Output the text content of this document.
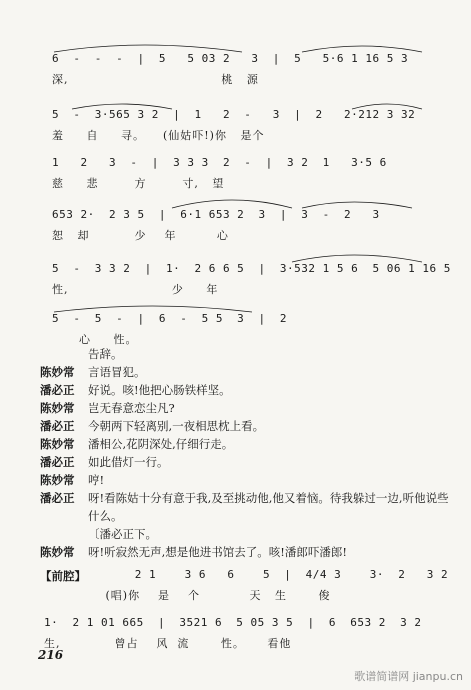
6  -  -  -  |  5   5 03 2   3  |  5   5·6 1 16 5 3
深,                                  桃   源
5  -  3·565 3 2  |  1   2  -   3  |  2   2·212 3 32
羞     自     寻。    (仙姑吓!)你   是个
1   2   3  -  |  3 3 3  2  -  |  3 2  1   3·5 6
慈     悲        方        寸,   望
653 2·  2 3 5  |  6·1 653 2  3  |  3  -  2   3
恕   却          少    年         心
5  -  3 3 2  |  1·  2 6 6 5  |  3·532 1 5 6  5 06 1 16 5
性,                       少     年
5  -  5  -  |  6  -  5 5  3  |  2
心     性。
告辞。
陈妙常	言语冒犯。
潘必正	好说。咳!他把心肠铁样坚。
陈妙常	岂无春意恋尘凡?
潘必正	今朝两下轻离别,一夜相思枕上看。
陈妙常	潘相公,花阴深处,仔细行走。
潘必正	如此借灯一行。
陈妙常	哼!
潘必正	呀!看陈姑十分有意于我,及至挑动他,他又着恼。待我躲过一边,听他说些什么。
〔潘必正下。
陈妙常	呀!听寂然无声,想是他进书馆去了。咳!潘郎吓潘郎!
【前腔】 2 1    3 6   6    5  |  4/4 3    3·  2   3 2
(唱)你    是    个           天   生       俊
1·  2 1 01 665  |  3521 6  5 05 3 5  |  6  653 2  3 2
生,            曾占    风  流       性。     看他
216
歌谱简谱网 jianpu.cn
